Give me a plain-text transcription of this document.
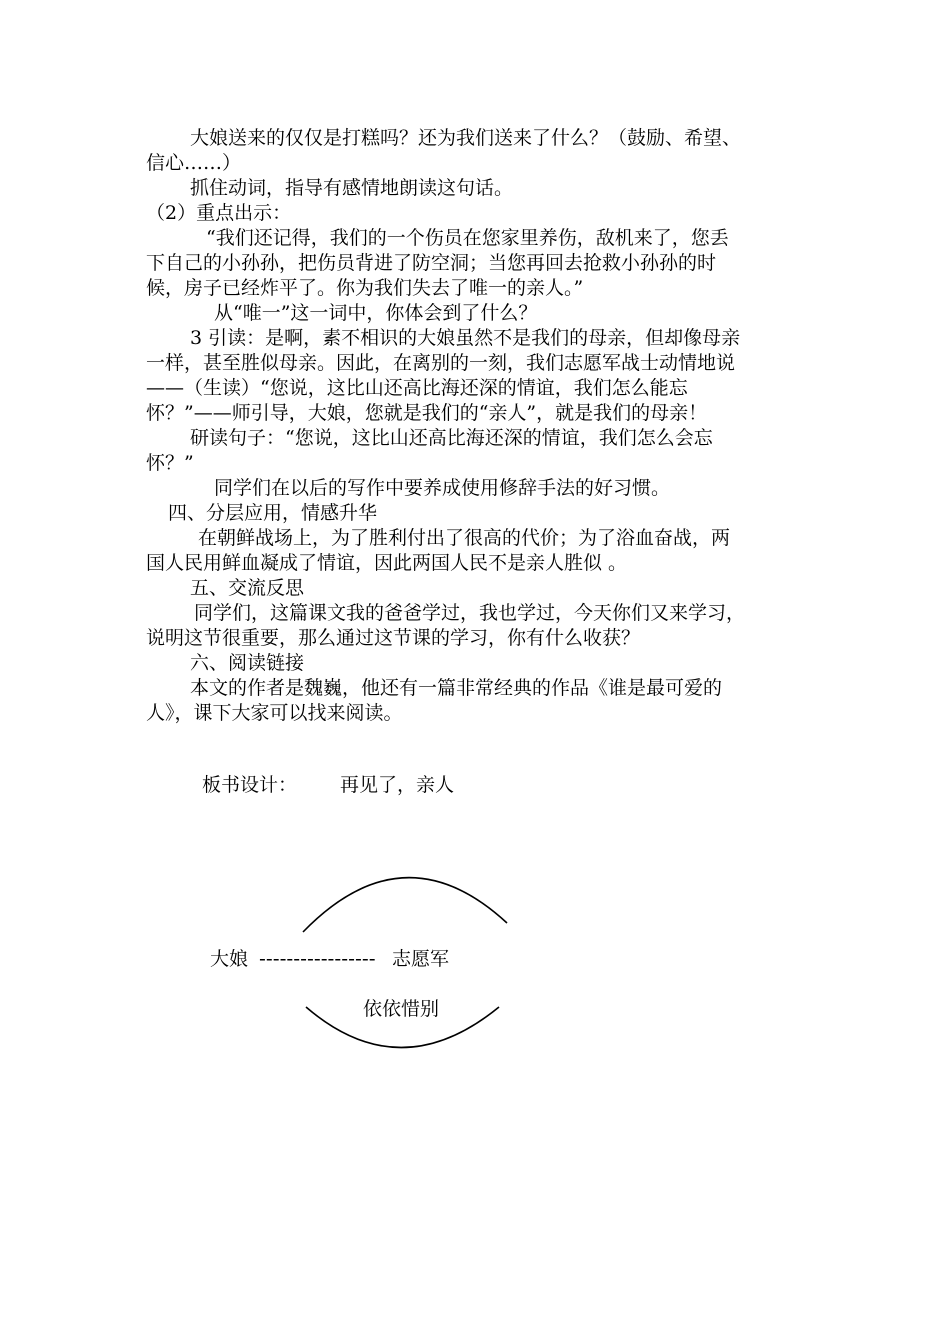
大娘送来的仅仅是打糕吗？还为我们送来了什么？（鼓励、希望、
信心……）
抓住动词，指导有感情地朗读这句话。
（2）重点出示：
“我们还记得，我们的一个伤员在您家里养伤，敌机来了，您丢
下自己的小孙孙，把伤员背进了防空洞；当您再回去抢救小孙孙的时
候，房子已经炸平了。你为我们失去了唯一的亲人。”
从“唯一”这一词中，你体会到了什么？
3 引读：是啊，素不相识的大娘虽然不是我们的母亲，但却像母亲
一样，甚至胜似母亲。因此，在离别的一刻，我们志愿军战士动情地说
——（生读）“您说，这比山还高比海还深的情谊，我们怎么能忘
怀？”——师引导，大娘，您就是我们的“亲人”，就是我们的母亲！
研读句子：“您说，这比山还高比海还深的情谊，我们怎么会忘
怀？”
同学们在以后的写作中要养成使用修辞手法的好习惯。
四、分层应用，情感升华
在朝鲜战场上，为了胜利付出了很高的代价；为了浴血奋战，两
国人民用鲜血凝成了情谊，因此两国人民不是亲人胜似 。
五、交流反思
同学们，这篇课文我的爸爸学过，我也学过，今天你们又来学习，
说明这节很重要，那么通过这节课的学习，你有什么收获？
六、阅读链接
本文的作者是魏巍，他还有一篇非常经典的作品《谁是最可爱的
人》，课下大家可以找来阅读。
板书设计： 再见了，亲人
大娘 ----------------- 志愿军
依依惜别
